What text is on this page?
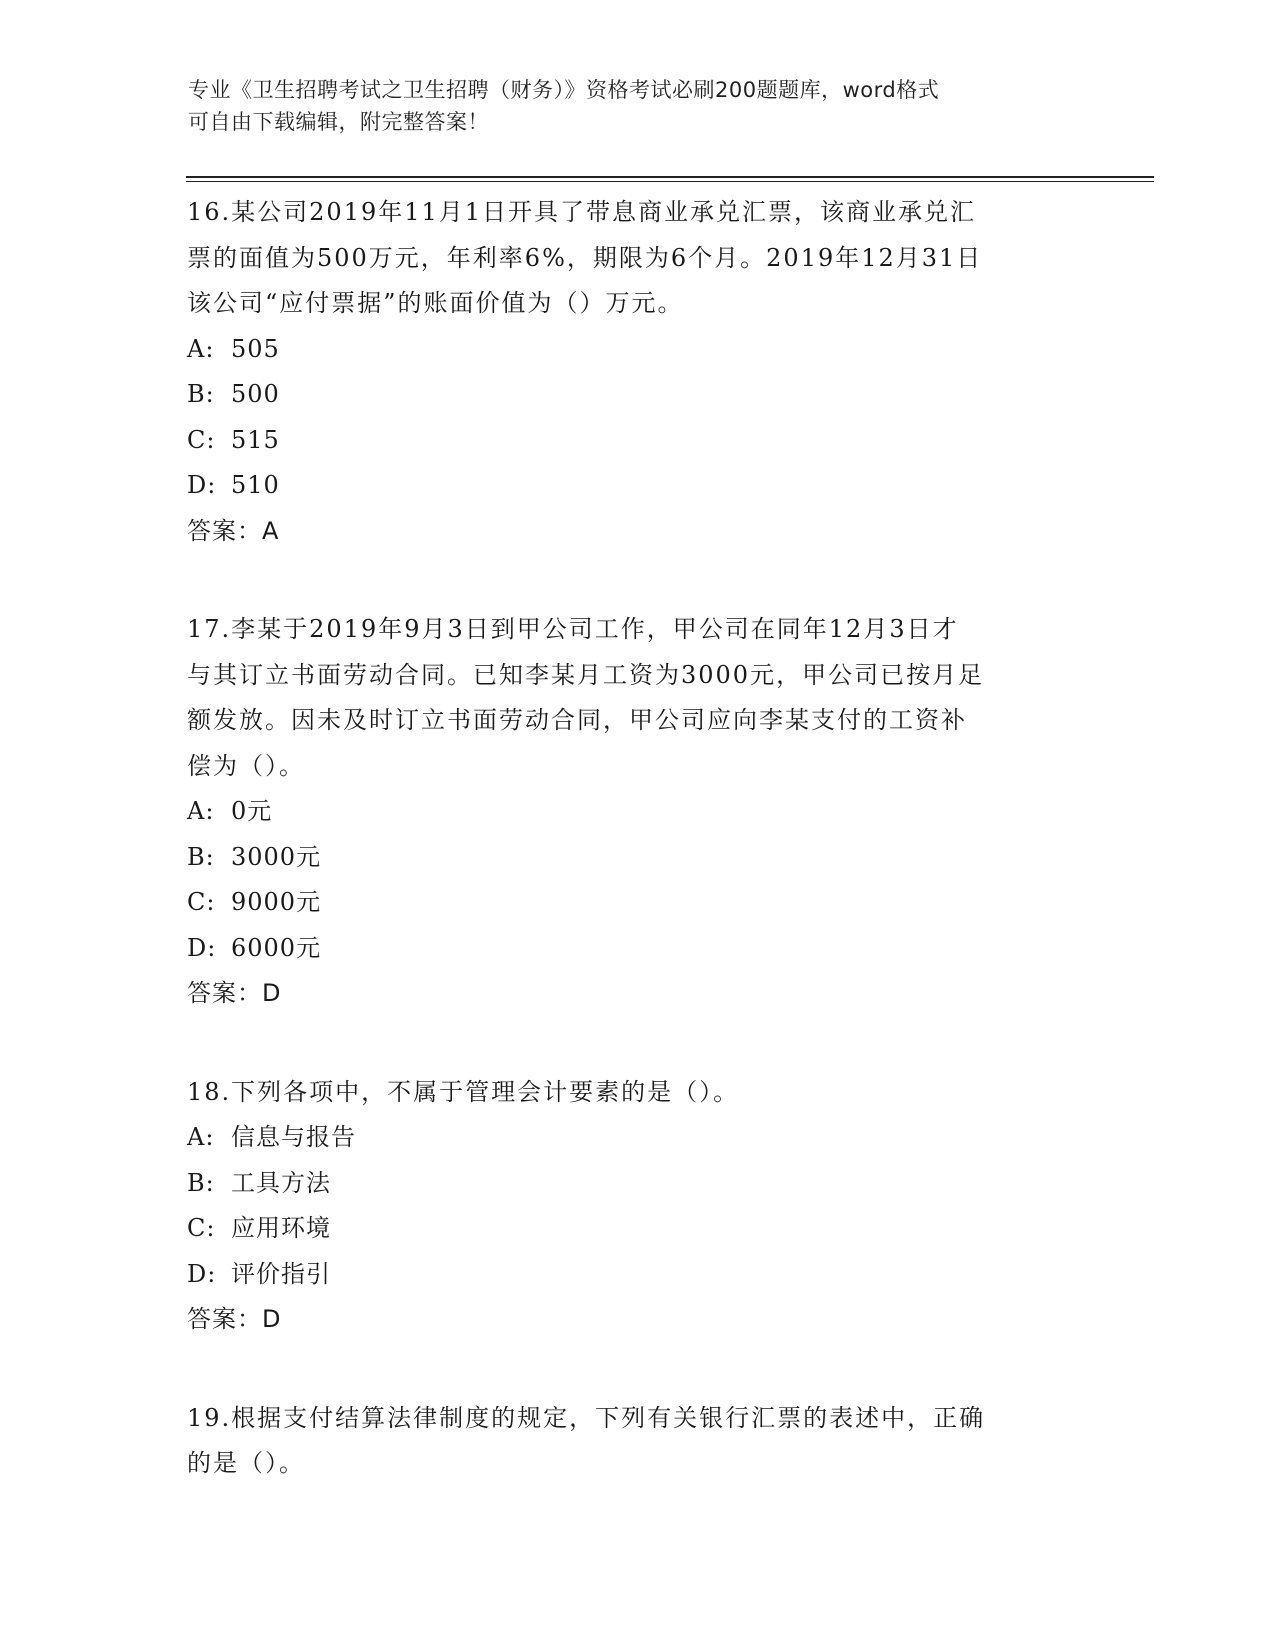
专业《卫生招聘考试之卫生招聘（财务）》资格考试必刷200题题库，word格式
可自由下载编辑，附完整答案！
16.某公司2019年11月1日开具了带息商业承兑汇票，该商业承兑汇
票的面值为500万元，年利率6%，期限为6个月。2019年12月31日
该公司“应付票据”的账面价值为（）万元。
A: 505
B: 500
C: 515
D: 510
答案：A
17.李某于2019年9月3日到甲公司工作，甲公司在同年12月3日才
与其订立书面劳动合同。已知李某月工资为3000元，甲公司已按月足
额发放。因未及时订立书面劳动合同，甲公司应向李某支付的工资补
偿为（）。
A: 0元
B: 3000元
C: 9000元
D: 6000元
答案：D
18.下列各项中，不属于管理会计要素的是（）。
A: 信息与报告
B: 工具方法
C: 应用环境
D: 评价指引
答案：D
19.根据支付结算法律制度的规定，下列有关银行汇票的表述中，正确
的是（）。
